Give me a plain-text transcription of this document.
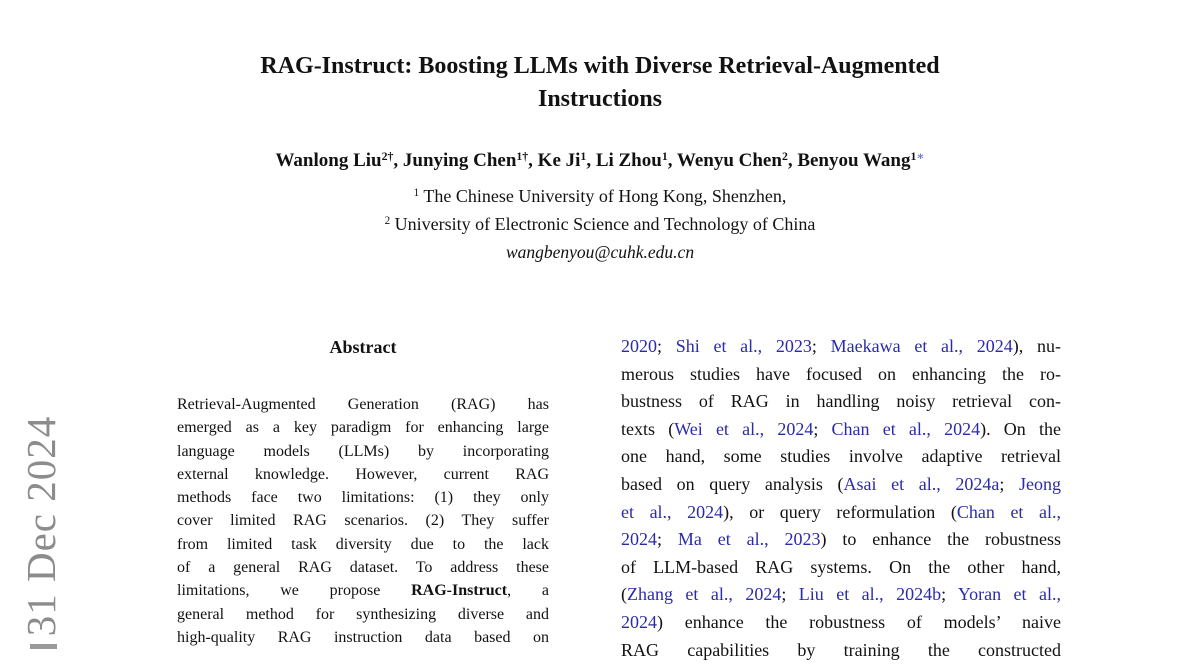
31 Dec 2024
RAG-Instruct: Boosting LLMs with Diverse Retrieval-Augmented
Instructions
Wanlong Liu$^{2\dagger}$, Junying Chen$^{1\dagger}$, Ke Ji$^1$, Li Zhou$^1$, Wenyu Chen$^2$, Benyou Wang$^{1∗}$
$^1$ The Chinese University of Hong Kong, Shenzhen,
$^2$ University of Electronic Science and Technology of China
wangbenyou@cuhk.edu.cn
Abstract
Retrieval-Augmented Generation (RAG) has
emerged as a key paradigm for enhancing large
language models (LLMs) by incorporating
external knowledge. However, current RAG
methods face two limitations: (1) they only
cover limited RAG scenarios. (2) They suffer
from limited task diversity due to the lack
of a general RAG dataset. To address these
limitations, we propose RAG-Instruct, a
general method for synthesizing diverse and
high-quality RAG instruction data based on
2020; Shi et al., 2023; Maekawa et al., 2024), nu-
merous studies have focused on enhancing the ro-
bustness of RAG in handling noisy retrieval con-
texts (Wei et al., 2024; Chan et al., 2024). On the
one hand, some studies involve adaptive retrieval
based on query analysis (Asai et al., 2024a; Jeong
et al., 2024), or query reformulation (Chan et al.,
2024; Ma et al., 2023) to enhance the robustness
of LLM-based RAG systems. On the other hand,
(Zhang et al., 2024; Liu et al., 2024b; Yoran et al.,
2024) enhance the robustness of models’ naive
RAG capabilities by training the constructed
